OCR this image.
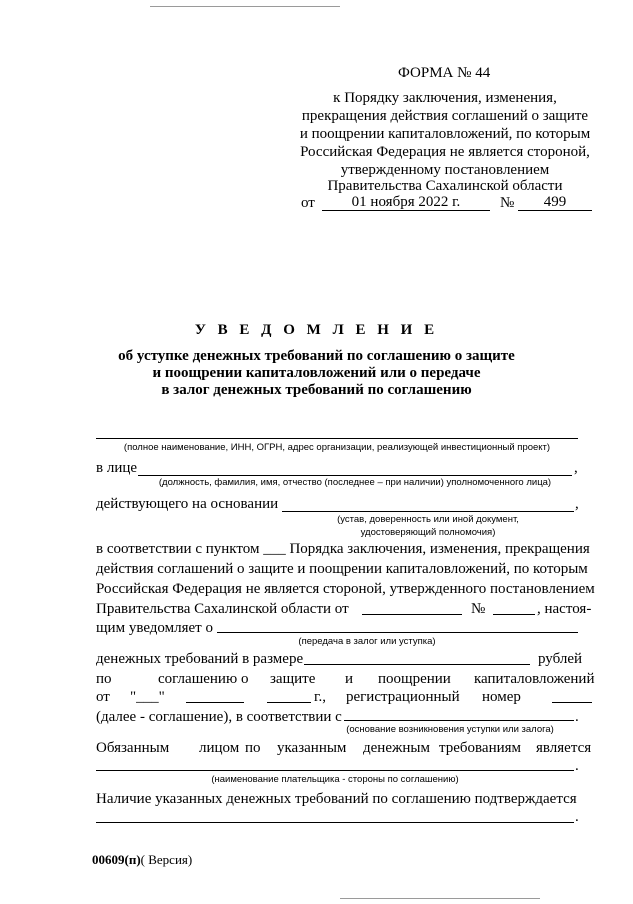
ФОРМА № 44
к Порядку заключения, изменения,
прекращения действия соглашений о защите
и поощрении капиталовложений, по которым
Российская Федерация не является стороной,
утвержденному постановлением
Правительства Сахалинской области
от	01 ноября 2022 г.	№	499
У В Е Д О М Л Е Н И Е
об уступке денежных требований по соглашению о защите
и поощрении капиталовложений или о передаче
в залог денежных требований по соглашению
(полное наименование, ИНН, ОГРН, адрес организации, реализующей инвестиционный проект)
в лице	,
(должность, фамилия, имя, отчество (последнее – при наличии) уполномоченного лица)
действующего на основании	,
(устав, доверенность или иной документ,
удостоверяющий полномочия)
в соответствии с пунктом ___ Порядка заключения, изменения, прекращения
действия соглашений о защите и поощрении капиталовложений, по которым
Российская Федерация не является стороной, утвержденного постановлением
Правительства Сахалинской области от	№	, настоя-
щим уведомляет о
(передача в залог или уступка)
денежных требований в размере	рублей
по	соглашению о защите и поощрении капиталовложений
от "___"	г., регистрационный номер
(далее - соглашение), в соответствии с	.
(основание возникновения уступки или залога)
Обязанным лицом по указанным денежным требованиям является
.
(наименование плательщика - стороны по соглашению)
Наличие указанных денежных требований по соглашению подтверждается
.
00609(п)( Версия)
